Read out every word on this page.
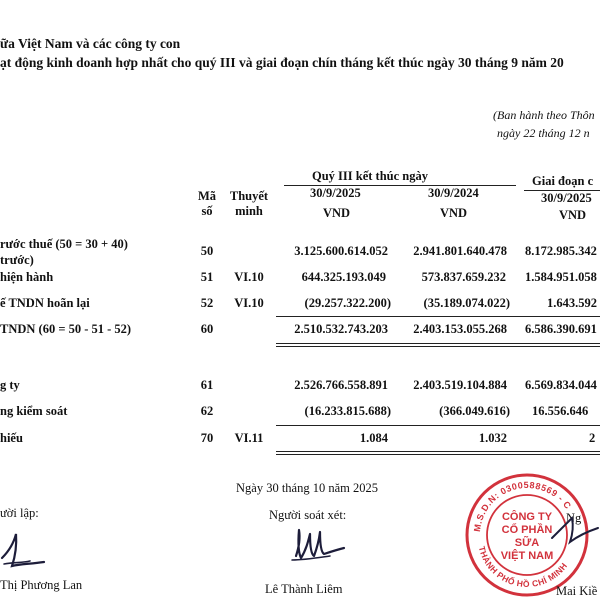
ữa Việt Nam và các công ty con
ạt động kinh doanh hợp nhất cho quý III và giai đoạn chín tháng kết thúc ngày 30 tháng 9 năm 20
(Ban hành theo Thôn
ngày 22 tháng 12 n
Mã
số
Thuyết
minh
Quý III kết thúc ngày
30/9/2025	30/9/2024
VND	VND
Giai đoạn c
30/9/2025
VND
rước thuế (50 = 30 + 40)
trước)
50	3.125.600.614.052	2.941.801.640.478 8.172.985.342
hiện hành	51	VI.10	644.325.193.049	573.837.659.232 1.584.951.058
ế TNDN hoãn lại	52	VI.10	(29.257.322.200)	(35.189.074.022)	1.643.592
TNDN (60 = 50 - 51 - 52)	60	2.510.532.743.203	2.403.153.055.268 6.586.390.691
g ty	61	2.526.766.558.891	2.403.519.104.884 6.569.834.044
ng kiểm soát	62	(16.233.815.688)	(366.049.616) 16.556.646
hiếu	70	VI.11	1.084	1.032	2
Ngày 30 tháng 10 năm 2025
ười lập:	Người soát xét:	Ng
M.S.D.N: 0300588569 - C
THÀNH PHỐ HỒ CHÍ MINH
CÔNG TY
CỔ PHẦN
SỮA
VIỆT NAM
Thị Phương Lan	Lê Thành Liêm	Mai Kiề
